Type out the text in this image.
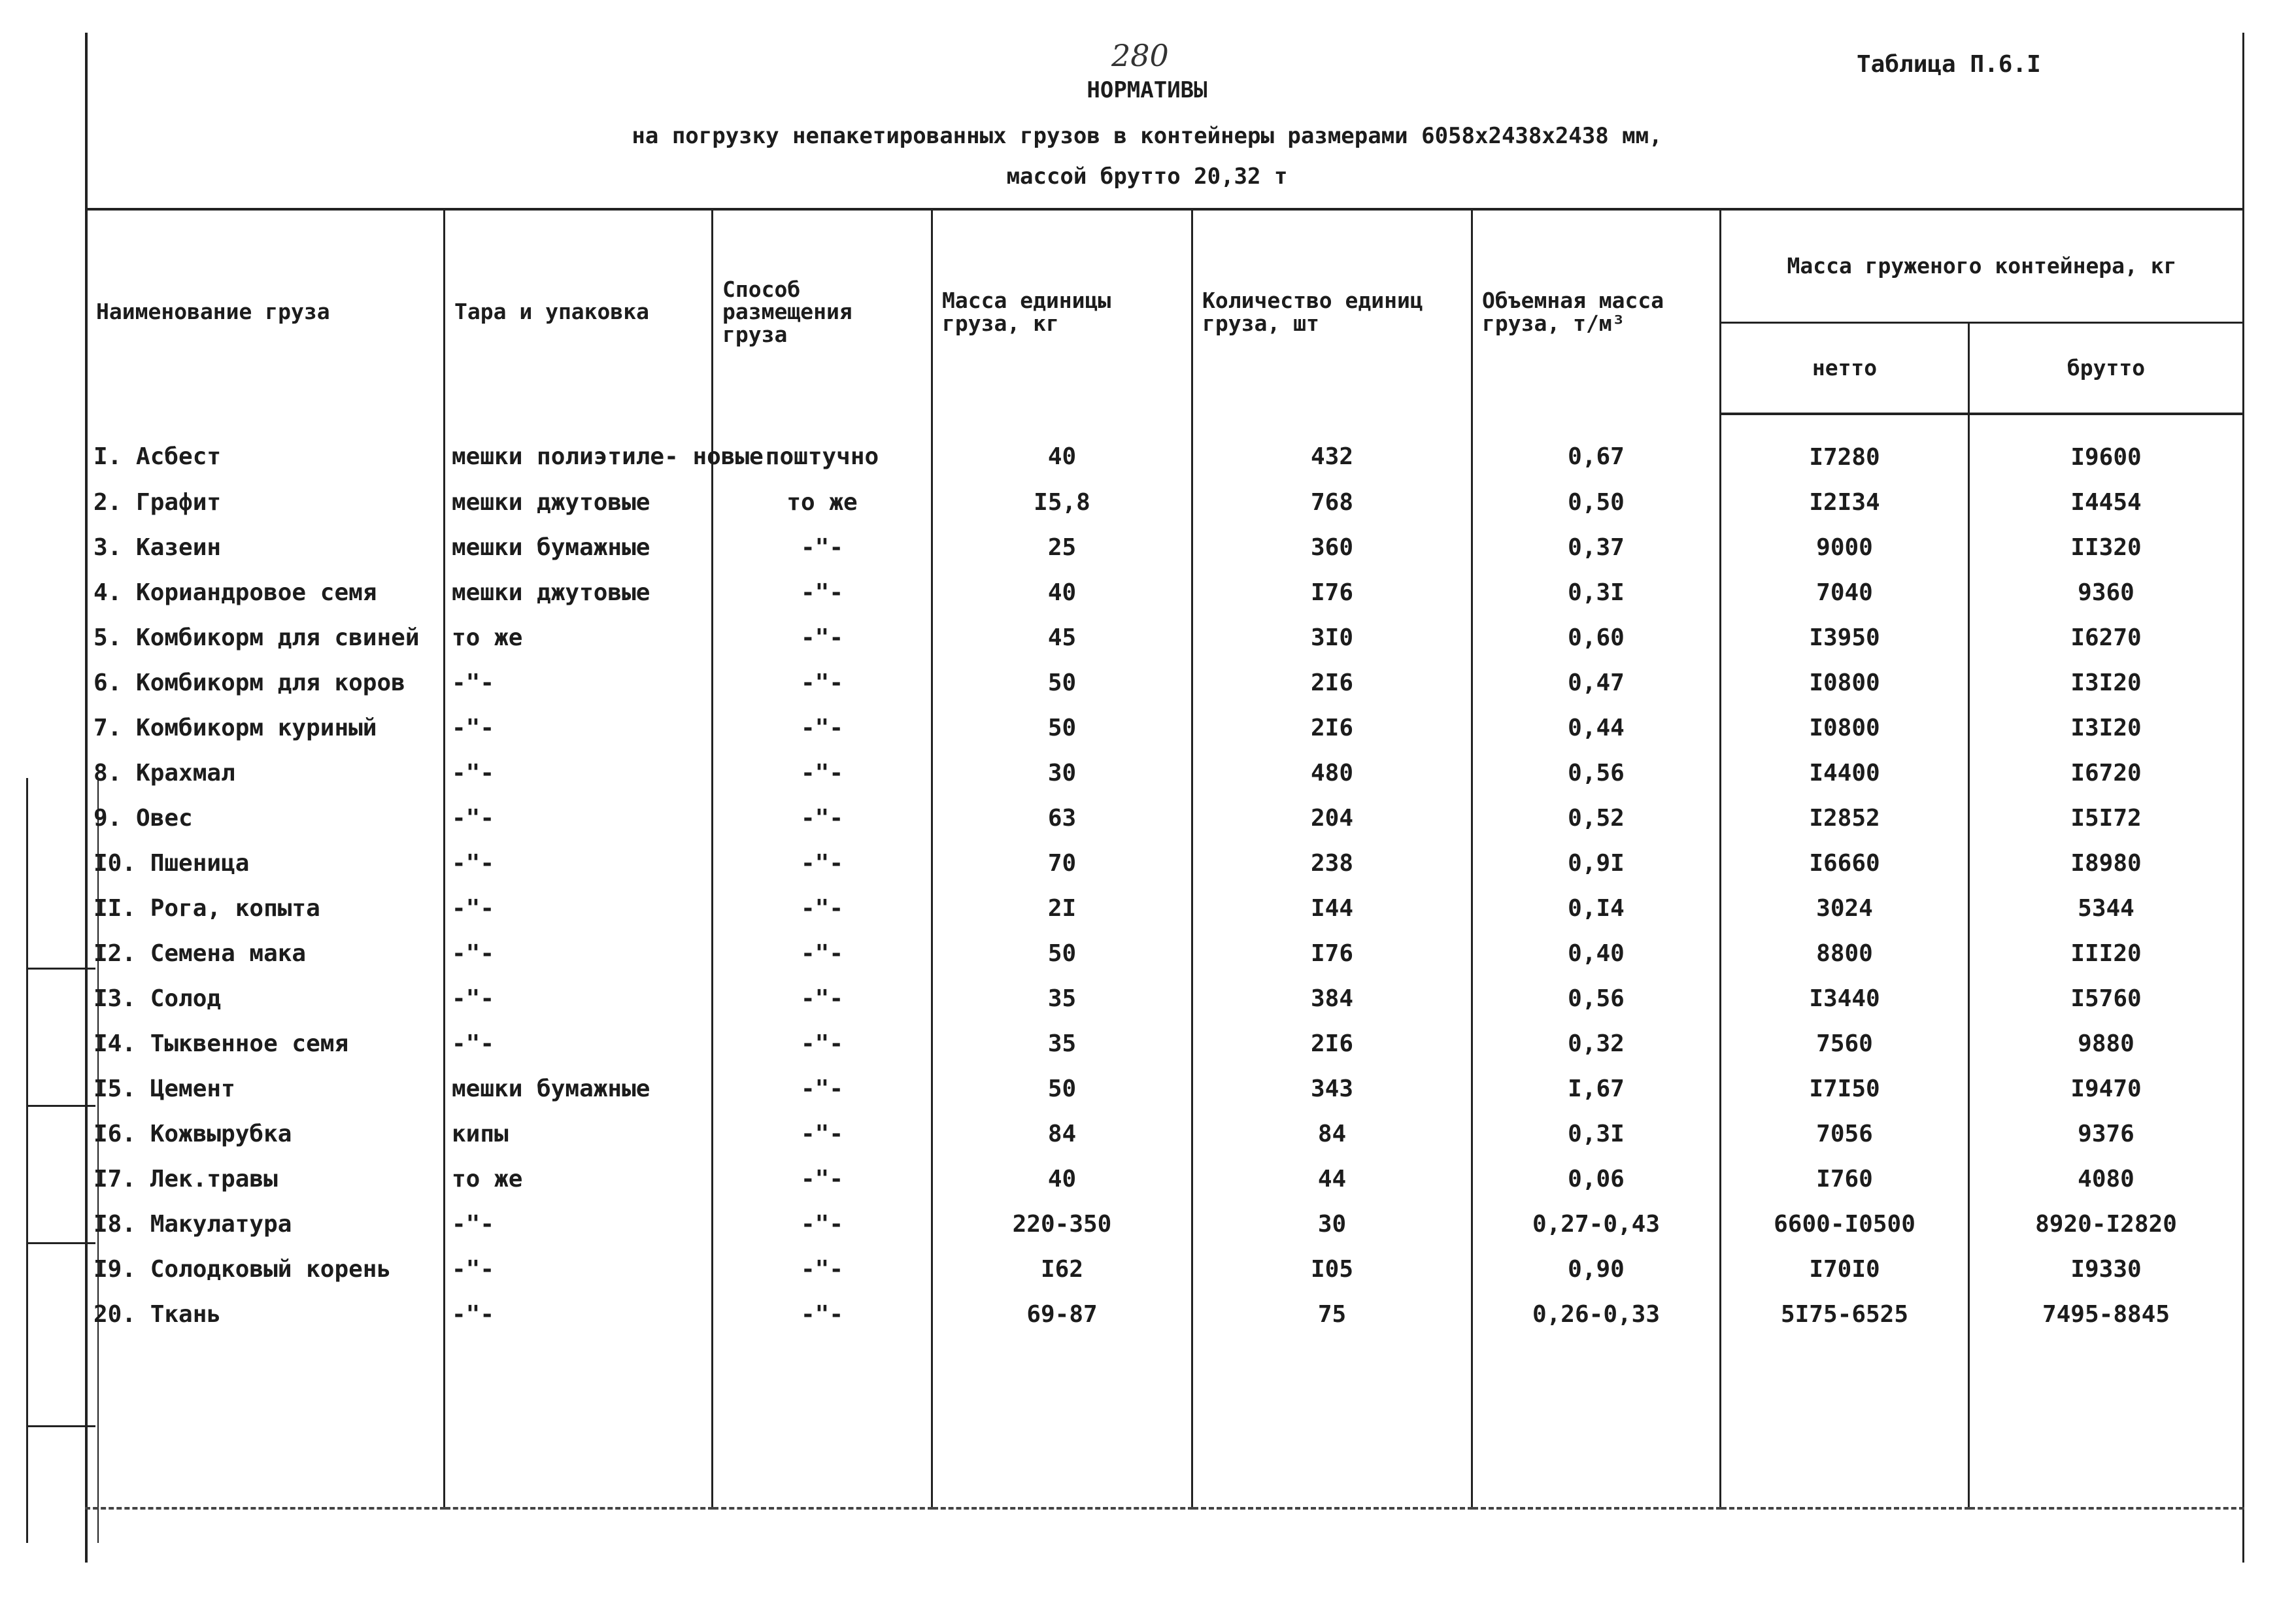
280	Таблица П.6.I
НОРМАТИВЫ
на погрузку непакетированных грузов в контейнеры размерами 6058х2438х2438 мм,
массой брутто 20,32 т
Наименование груза	Тара и упаковка	Способ размещения груза	Масса единицы груза, кг	Количество единиц груза, шт	Объемная масса груза, т/м³	Масса груженого контейнера, кг	
						нетто	брутто
I. Асбест	мешки полиэтиле- новые	поштучно	40	432	0,67	I7280	I9600
2. Графит	мешки джутовые	то же	I5,8	768	0,50	I2I34	I4454
3. Казеин	мешки бумажные	-"-	25	360	0,37	9000	II320
4. Кориандровое семя	мешки джутовые	-"-	40	I76	0,3I	7040	9360
5. Комбикорм для свиней	то же	-"-	45	3I0	0,60	I3950	I6270
6. Комбикорм для коров	-"-	-"-	50	2I6	0,47	I0800	I3I20
7. Комбикорм куриный	-"-	-"-	50	2I6	0,44	I0800	I3I20
8. Крахмал	-"-	-"-	30	480	0,56	I4400	I6720
9. Овес	-"-	-"-	63	204	0,52	I2852	I5I72
I0. Пшеница	-"-	-"-	70	238	0,9I	I6660	I8980
II. Рога, копыта	-"-	-"-	2I	I44	0,I4	3024	5344
I2. Семена мака	-"-	-"-	50	I76	0,40	8800	III20
I3. Солод	-"-	-"-	35	384	0,56	I3440	I5760
I4. Тыквенное семя	-"-	-"-	35	2I6	0,32	7560	9880
I5. Цемент	мешки бумажные	-"-	50	343	I,67	I7I50	I9470
I6. Кожвырубка	кипы	-"-	84	84	0,3I	7056	9376
I7. Лек.травы	то же	-"-	40	44	0,06	I760	4080
I8. Макулатура	-"-	-"-	220-350	30	0,27-0,43	6600-I0500	8920-I2820
I9. Солодковый корень	-"-	-"-	I62	I05	0,90	I70I0	I9330
20. Ткань	-"-	-"-	69-87	75	0,26-0,33	5I75-6525	7495-8845
